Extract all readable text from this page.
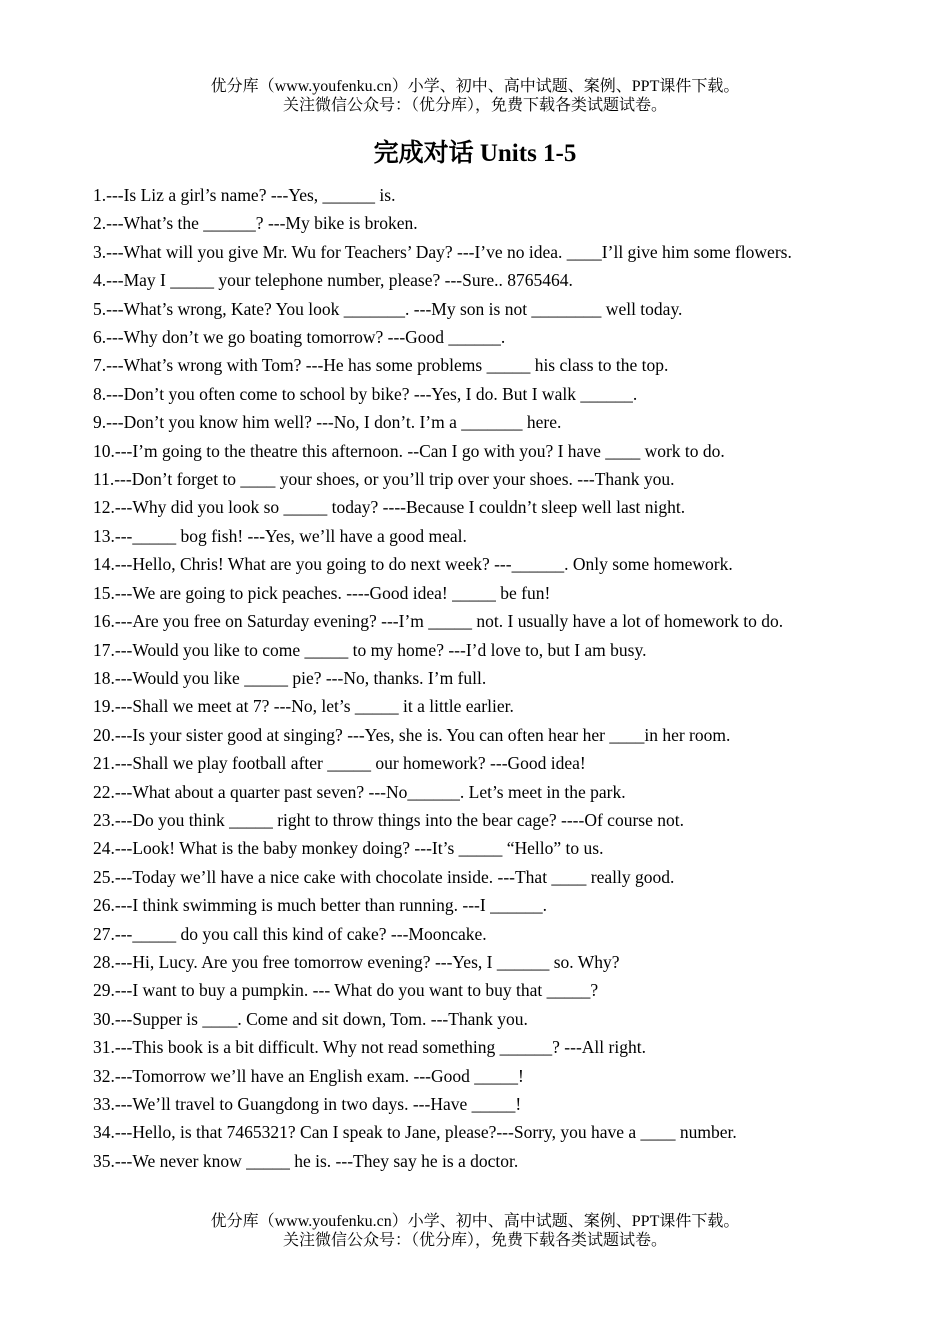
优分库（www.youfenku.cn）小学、初中、高中试题、案例、PPT课件下载。
关注微信公众号：（优分库），免费下载各类试题试卷。
完成对话 Units 1-5
1.---Is Liz a girl’s name? ---Yes, ______ is.
2.---What’s the ______? ---My bike is broken.
3.---What will you give Mr. Wu for Teachers’ Day? ---I’ve no idea. ____I’ll give him some flowers.
4.---May I _____ your telephone number, please? ---Sure.. 8765464.
5.---What’s wrong, Kate? You look _______. ---My son is not ________ well today.
6.---Why don’t we go boating tomorrow? ---Good ______.
7.---What’s wrong with Tom? ---He has some problems _____ his class to the top.
8.---Don’t you often come to school by bike? ---Yes, I do. But I walk ______.
9.---Don’t you know him well? ---No, I don’t. I’m a _______ here.
10.---I’m going to the theatre this afternoon. --Can I go with you? I have ____ work to do.
11.---Don’t forget to ____ your shoes, or you’ll trip over your shoes. ---Thank you.
12.---Why did you look so _____ today? ----Because I couldn’t sleep well last night.
13.---_____ bog fish! ---Yes, we’ll have a good meal.
14.---Hello, Chris! What are you going to do next week? ---______. Only some homework.
15.---We are going to pick peaches. ----Good idea! _____ be fun!
16.---Are you free on Saturday evening? ---I’m _____ not. I usually have a lot of homework to do.
17.---Would you like to come _____ to my home? ---I’d love to, but I am busy.
18.---Would you like _____ pie? ---No, thanks. I’m full.
19.---Shall we meet at 7? ---No, let’s _____ it a little earlier.
20.---Is your sister good at singing? ---Yes, she is. You can often hear her ____in her room.
21.---Shall we play football after _____ our homework? ---Good idea!
22.---What about a quarter past seven? ---No______. Let’s meet in the park.
23.---Do you think _____ right to throw things into the bear cage? ----Of course not.
24.---Look! What is the baby monkey doing? ---It’s _____ “Hello” to us.
25.---Today we’ll have a nice cake with chocolate inside. ---That ____ really good.
26.---I think swimming is much better than running. ---I ______.
27.---_____ do you call this kind of cake? ---Mooncake.
28.---Hi, Lucy. Are you free tomorrow evening? ---Yes, I ______ so. Why?
29.---I want to buy a pumpkin. --- What do you want to buy that _____?
30.---Supper is ____. Come and sit down, Tom. ---Thank you.
31.---This book is a bit difficult. Why not read something ______? ---All right.
32.---Tomorrow we’ll have an English exam. ---Good _____!
33.---We’ll travel to Guangdong in two days. ---Have _____!
34.---Hello, is that 7465321? Can I speak to Jane, please?---Sorry, you have a ____ number.
35.---We never know _____ he is. ---They say he is a doctor.
优分库（www.youfenku.cn）小学、初中、高中试题、案例、PPT课件下载。
关注微信公众号：（优分库），免费下载各类试题试卷。
